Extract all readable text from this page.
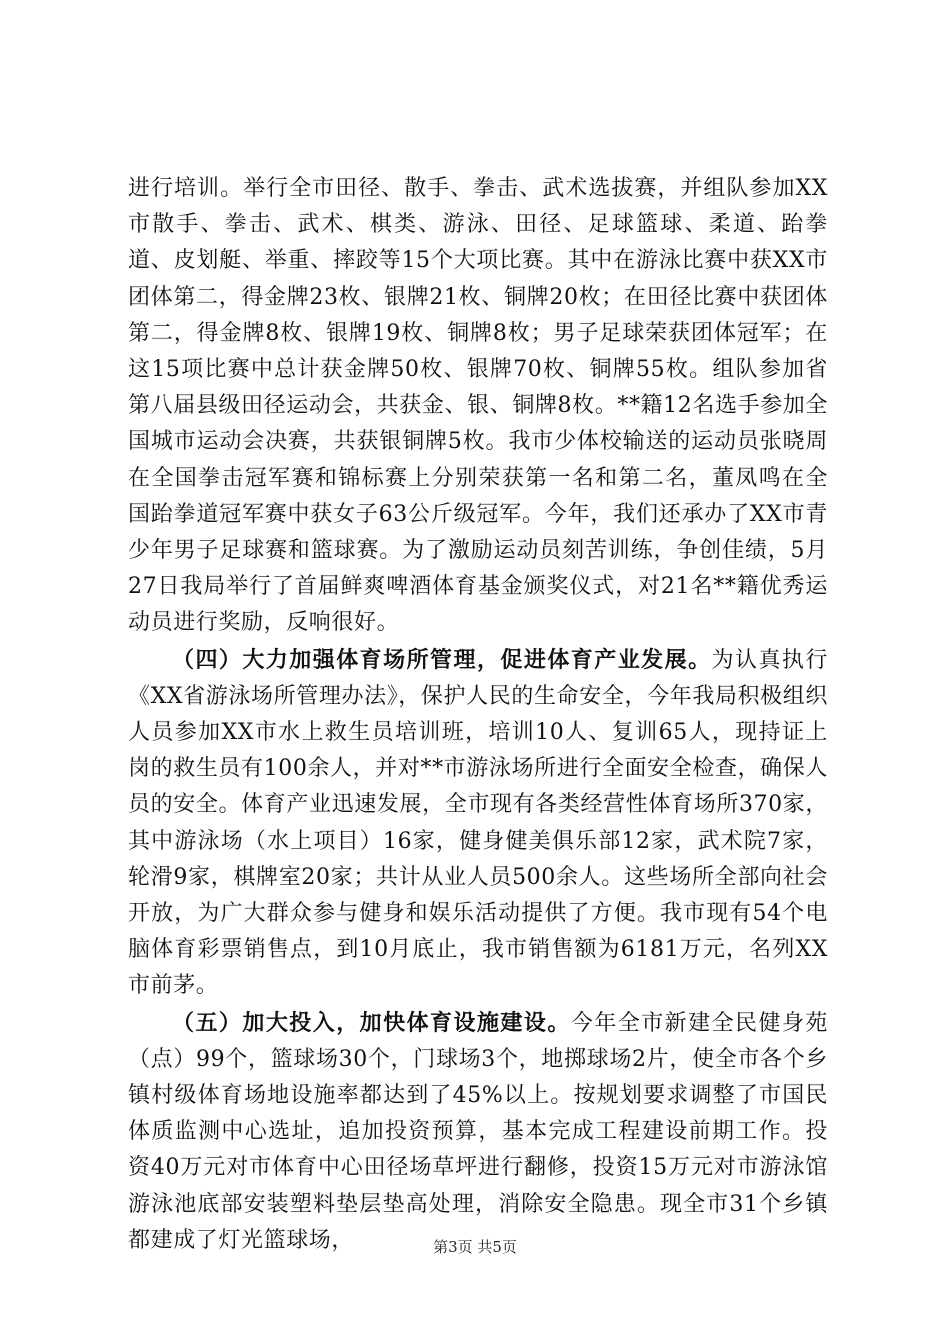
进行培训。举行全市田径、散手、拳击、武术选拔赛，并组队参加XX市散手、拳击、武术、棋类、游泳、田径、足球篮球、柔道、跆拳道、皮划艇、举重、摔跤等15个大项比赛。其中在游泳比赛中获XX市团体第二，得金牌23枚、银牌21枚、铜牌20枚；在田径比赛中获团体第二，得金牌8枚、银牌19枚、铜牌8枚；男子足球荣获团体冠军；在这15项比赛中总计获金牌50枚、银牌70枚、铜牌55枚。组队参加省第八届县级田径运动会，共获金、银、铜牌8枚。**籍12名选手参加全国城市运动会决赛，共获银铜牌5枚。我市少体校输送的运动员张晓周在全国拳击冠军赛和锦标赛上分别荣获第一名和第二名，董凤鸣在全国跆拳道冠军赛中获女子63公斤级冠军。今年，我们还承办了XX市青少年男子足球赛和篮球赛。为了激励运动员刻苦训练，争创佳绩，5月27日我局举行了首届鲜爽啤酒体育基金颁奖仪式，对21名**籍优秀运动员进行奖励，反响很好。

（四）大力加强体育场所管理，促进体育产业发展。为认真执行《XX省游泳场所管理办法》，保护人民的生命安全，今年我局积极组织人员参加XX市水上救生员培训班，培训10人、复训65人，现持证上岗的救生员有100余人，并对**市游泳场所进行全面安全检查，确保人员的安全。体育产业迅速发展，全市现有各类经营性体育场所370家，其中游泳场（水上项目）16家，健身健美俱乐部12家，武术院7家，轮滑9家，棋牌室20家；共计从业人员500余人。这些场所全部向社会开放，为广大群众参与健身和娱乐活动提供了方便。我市现有54个电脑体育彩票销售点，到10月底止，我市销售额为6181万元，名列XX市前茅。

（五）加大投入，加快体育设施建设。今年全市新建全民健身苑（点）99个，篮球场30个，门球场3个，地掷球场2片，使全市各个乡镇村级体育场地设施率都达到了45%以上。按规划要求调整了市国民体质监测中心选址，追加投资预算，基本完成工程建设前期工作。投资40万元对市体育中心田径场草坪进行翻修，投资15万元对市游泳馆游泳池底部安装塑料垫层垫高处理，消除安全隐患。现全市31个乡镇都建成了灯光篮球场，	第3页 共5页
